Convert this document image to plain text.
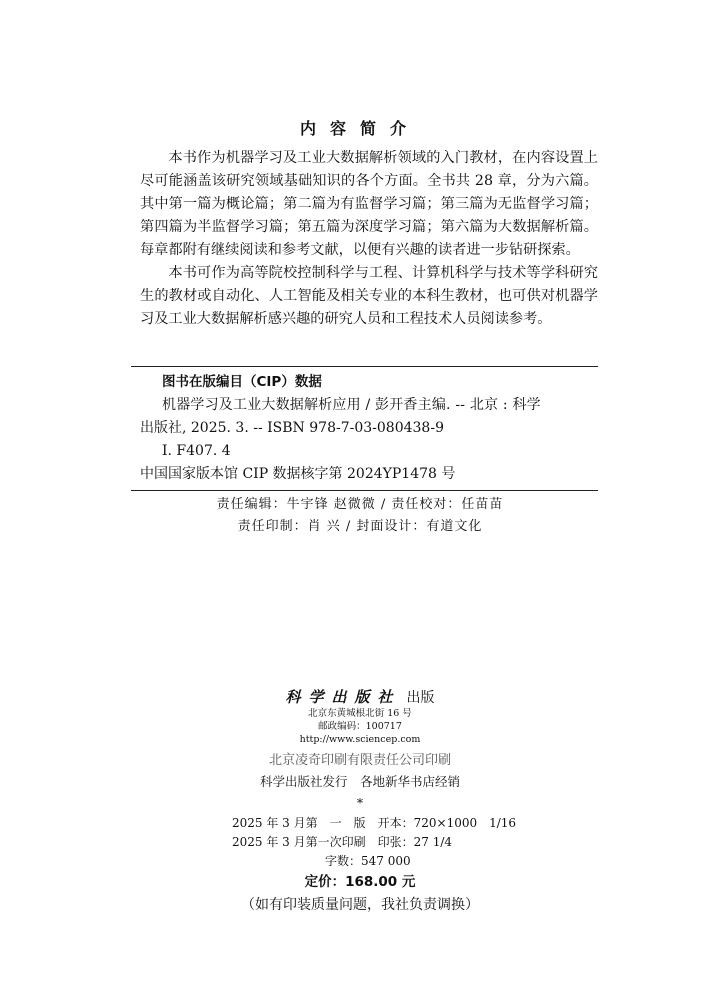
内容简介

本书作为机器学习及工业大数据解析领域的入门教材，在内容设置上尽可能涵盖该研究领域基础知识的各个方面。全书共 28 章，分为六篇。其中第一篇为概论篇；第二篇为有监督学习篇；第三篇为无监督学习篇；第四篇为半监督学习篇；第五篇为深度学习篇；第六篇为大数据解析篇。每章都附有继续阅读和参考文献，以便有兴趣的读者进一步钻研探索。

本书可作为高等院校控制科学与工程、计算机科学与技术等学科研究生的教材或自动化、人工智能及相关专业的本科生教材，也可供对机器学习及工业大数据解析感兴趣的研究人员和工程技术人员阅读参考。

图书在版编目（CIP）数据
机器学习及工业大数据解析应用 / 彭开香主编. -- 北京 : 科学
出版社, 2025. 3. -- ISBN 978-7-03-080438-9
Ⅰ. F407. 4
中国国家版本馆 CIP 数据核字第 2024YP1478 号
责任编辑：牛宇锋 赵微微 / 责任校对：任苗苗
责任印制：肖 兴 / 封面设计：有道文化
科学出版社 出版
北京东黄城根北街 16 号
邮政编码：100717
http://www.sciencep.com
北京凌奇印刷有限责任公司印刷
科学出版社发行　各地新华书店经销
*
2025 年 3 月第　一　版　开本：720×1000　1/16
2025 年 3 月第一次印刷　印张：27 1/4
字数：547 000
定价：168.00 元
（如有印装质量问题，我社负责调换）
